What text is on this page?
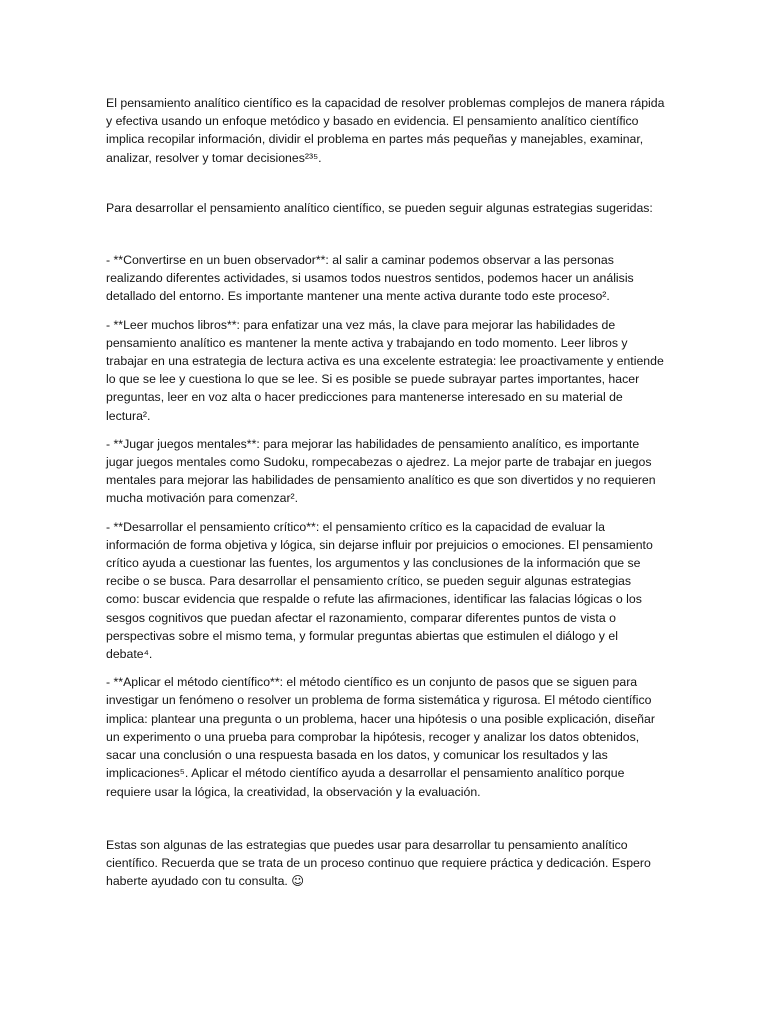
El pensamiento analítico científico es la capacidad de resolver problemas complejos de manera rápida y efectiva usando un enfoque metódico y basado en evidencia. El pensamiento analítico científico implica recopilar información, dividir el problema en partes más pequeñas y manejables, examinar, analizar, resolver y tomar decisiones²³⁵.

Para desarrollar el pensamiento analítico científico, se pueden seguir algunas estrategias sugeridas:

- **Convertirse en un buen observador**: al salir a caminar podemos observar a las personas realizando diferentes actividades, si usamos todos nuestros sentidos, podemos hacer un análisis detallado del entorno. Es importante mantener una mente activa durante todo este proceso².

- **Leer muchos libros**: para enfatizar una vez más, la clave para mejorar las habilidades de pensamiento analítico es mantener la mente activa y trabajando en todo momento. Leer libros y trabajar en una estrategia de lectura activa es una excelente estrategia: lee proactivamente y entiende lo que se lee y cuestiona lo que se lee. Si es posible se puede subrayar partes importantes, hacer preguntas, leer en voz alta o hacer predicciones para mantenerse interesado en su material de lectura².

- **Jugar juegos mentales**: para mejorar las habilidades de pensamiento analítico, es importante jugar juegos mentales como Sudoku, rompecabezas o ajedrez. La mejor parte de trabajar en juegos mentales para mejorar las habilidades de pensamiento analítico es que son divertidos y no requieren mucha motivación para comenzar².

- **Desarrollar el pensamiento crítico**: el pensamiento crítico es la capacidad de evaluar la información de forma objetiva y lógica, sin dejarse influir por prejuicios o emociones. El pensamiento crítico ayuda a cuestionar las fuentes, los argumentos y las conclusiones de la información que se recibe o se busca. Para desarrollar el pensamiento crítico, se pueden seguir algunas estrategias como: buscar evidencia que respalde o refute las afirmaciones, identificar las falacias lógicas o los sesgos cognitivos que puedan afectar el razonamiento, comparar diferentes puntos de vista o perspectivas sobre el mismo tema, y formular preguntas abiertas que estimulen el diálogo y el debate⁴.

- **Aplicar el método científico**: el método científico es un conjunto de pasos que se siguen para investigar un fenómeno o resolver un problema de forma sistemática y rigurosa. El método científico implica: plantear una pregunta o un problema, hacer una hipótesis o una posible explicación, diseñar un experimento o una prueba para comprobar la hipótesis, recoger y analizar los datos obtenidos, sacar una conclusión o una respuesta basada en los datos, y comunicar los resultados y las implicaciones⁵. Aplicar el método científico ayuda a desarrollar el pensamiento analítico porque requiere usar la lógica, la creatividad, la observación y la evaluación.

Estas son algunas de las estrategias que puedes usar para desarrollar tu pensamiento analítico científico. Recuerda que se trata de un proceso continuo que requiere práctica y dedicación. Espero haberte ayudado con tu consulta. ☺
